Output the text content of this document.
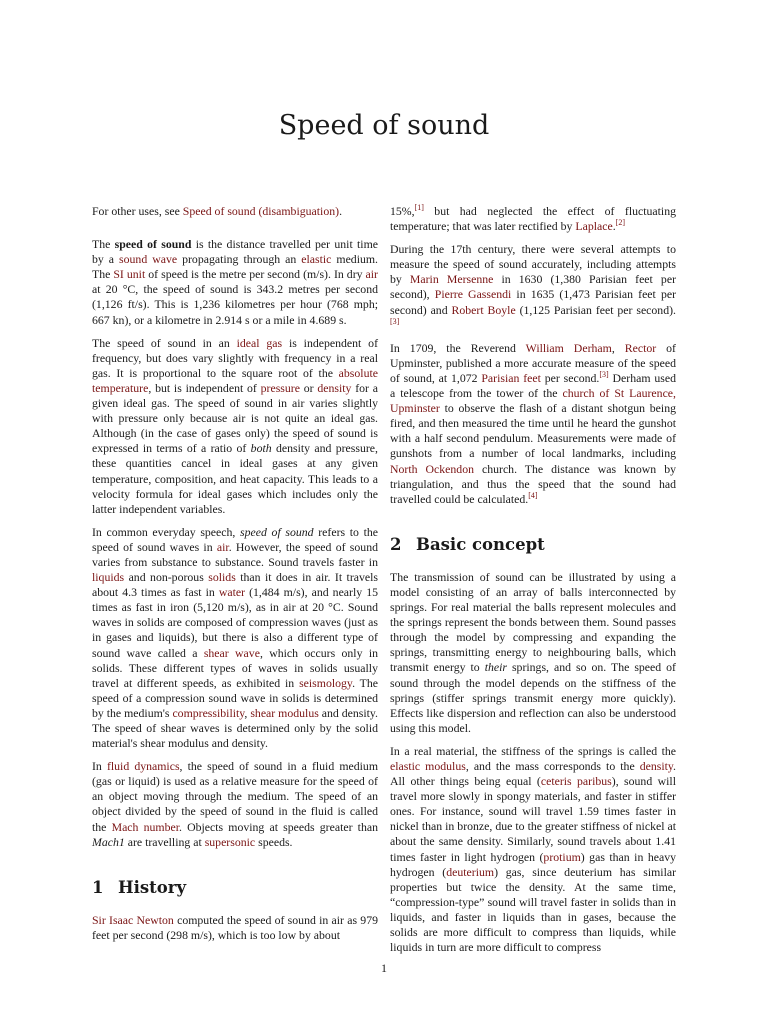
Speed of sound

For other uses, see Speed of sound (disambiguation).

The speed of sound is the distance travelled per unit time by a sound wave propagating through an elastic medium. The SI unit of speed is the metre per second (m/s). In dry air at 20 °C, the speed of sound is 343.2 metres per second (1,126 ft/s). This is 1,236 kilometres per hour (768 mph; 667 kn), or a kilometre in 2.914 s or a mile in 4.689 s.

The speed of sound in an ideal gas is independent of frequency, but does vary slightly with frequency in a real gas. It is proportional to the square root of the absolute temperature, but is independent of pressure or density for a given ideal gas. The speed of sound in air varies slightly with pressure only because air is not quite an ideal gas. Although (in the case of gases only) the speed of sound is expressed in terms of a ratio of both density and pressure, these quantities cancel in ideal gases at any given temperature, composition, and heat capacity. This leads to a velocity formula for ideal gases which includes only the latter independent variables.

In common everyday speech, speed of sound refers to the speed of sound waves in air. However, the speed of sound varies from substance to substance. Sound travels faster in liquids and non-porous solids than it does in air. It travels about 4.3 times as fast in water (1,484 m/s), and nearly 15 times as fast in iron (5,120 m/s), as in air at 20 °C. Sound waves in solids are composed of compression waves (just as in gases and liquids), but there is also a different type of sound wave called a shear wave, which occurs only in solids. These different types of waves in solids usually travel at different speeds, as exhibited in seismology. The speed of a compression sound wave in solids is determined by the medium's compressibility, shear modulus and density. The speed of shear waves is determined only by the solid material's shear modulus and density.

In fluid dynamics, the speed of sound in a fluid medium (gas or liquid) is used as a relative measure for the speed of an object moving through the medium. The speed of an object divided by the speed of sound in the fluid is called the Mach number. Objects moving at speeds greater than Mach1 are travelling at supersonic speeds.

1 History

Sir Isaac Newton computed the speed of sound in air as 979 feet per second (298 m/s), which is too low by about

15%,[1] but had neglected the effect of fluctuating temperature; that was later rectified by Laplace.[2]

During the 17th century, there were several attempts to measure the speed of sound accurately, including attempts by Marin Mersenne in 1630 (1,380 Parisian feet per second), Pierre Gassendi in 1635 (1,473 Parisian feet per second) and Robert Boyle (1,125 Parisian feet per second).[3]

In 1709, the Reverend William Derham, Rector of Upminster, published a more accurate measure of the speed of sound, at 1,072 Parisian feet per second.[3] Derham used a telescope from the tower of the church of St Laurence, Upminster to observe the flash of a distant shotgun being fired, and then measured the time until he heard the gunshot with a half second pendulum. Measurements were made of gunshots from a number of local landmarks, including North Ockendon church. The distance was known by triangulation, and thus the speed that the sound had travelled could be calculated.[4]

2 Basic concept

The transmission of sound can be illustrated by using a model consisting of an array of balls interconnected by springs. For real material the balls represent molecules and the springs represent the bonds between them. Sound passes through the model by compressing and expanding the springs, transmitting energy to neighbouring balls, which transmit energy to their springs, and so on. The speed of sound through the model depends on the stiffness of the springs (stiffer springs transmit energy more quickly). Effects like dispersion and reflection can also be understood using this model.

In a real material, the stiffness of the springs is called the elastic modulus, and the mass corresponds to the density. All other things being equal (ceteris paribus), sound will travel more slowly in spongy materials, and faster in stiffer ones. For instance, sound will travel 1.59 times faster in nickel than in bronze, due to the greater stiffness of nickel at about the same density. Similarly, sound travels about 1.41 times faster in light hydrogen (protium) gas than in heavy hydrogen (deuterium) gas, since deuterium has similar properties but twice the density. At the same time, “compression-type” sound will travel faster in solids than in liquids, and faster in liquids than in gases, because the solids are more difficult to compress than liquids, while liquids in turn are more difficult to compress

1
